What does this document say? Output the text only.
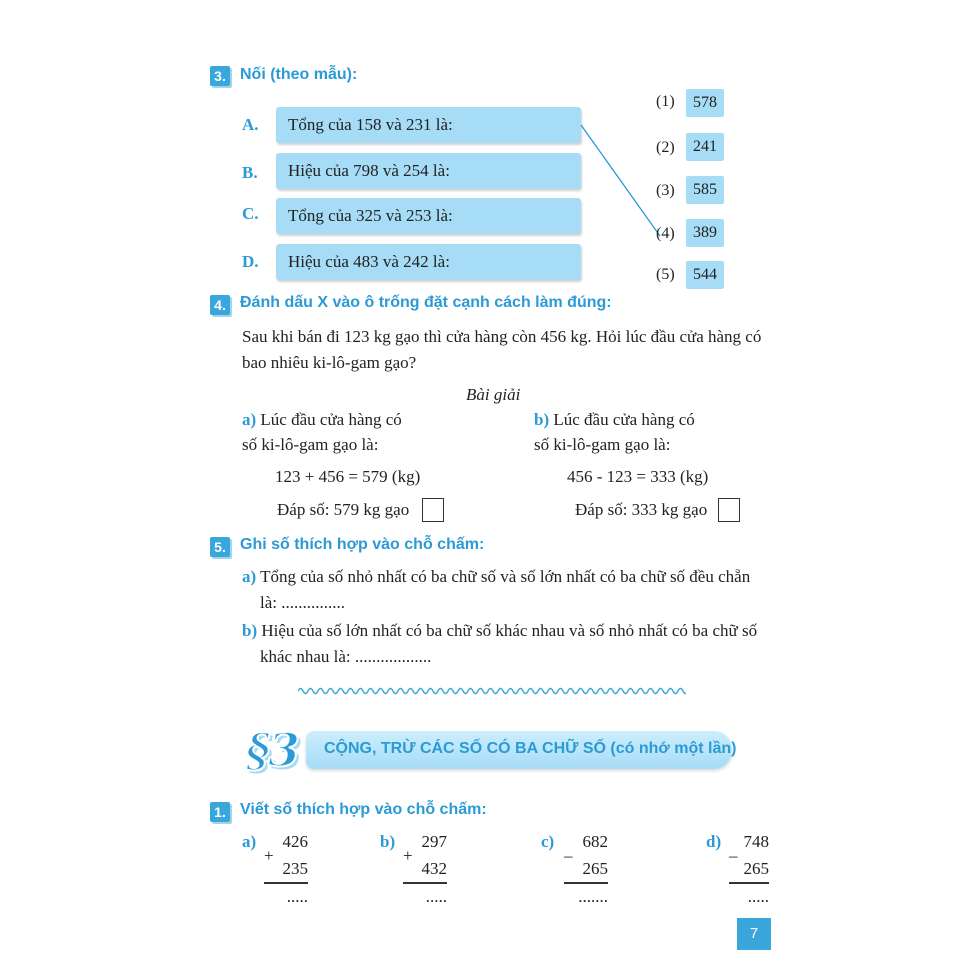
3. Nối (theo mẫu):
A. Tổng của 158 và 231 là:
B. Hiệu của 798 và 254 là:
C. Tổng của 325 và 253 là:
D. Hiệu của 483 và 242 là:
(1)	578
(2)	241
(3)	585
(4)	389
(5)	544
4. Đánh dấu X vào ô trống đặt cạnh cách làm đúng:
Sau khi bán đi 123 kg gạo thì cửa hàng còn 456 kg. Hỏi lúc đầu cửa hàng có
bao nhiêu ki-lô-gam gạo?
Bài giải
a) Lúc đầu cửa hàng có
số ki-lô-gam gạo là:
123 + 456 = 579 (kg)
Đáp số: 579 kg gạo
b) Lúc đầu cửa hàng có
số ki-lô-gam gạo là:
456 - 123 = 333 (kg)
Đáp số: 333 kg gạo
5. Ghi số thích hợp vào chỗ chấm:
a) Tổng của số nhỏ nhất có ba chữ số và số lớn nhất có ba chữ số đều chẵn
là: ...............
b) Hiệu của số lớn nhất có ba chữ số khác nhau và số nhỏ nhất có ba chữ số
khác nhau là: ..................
CỘNG, TRỪ CÁC SỐ CÓ BA CHỮ SỐ (có nhớ một lần)
§3
1. Viết số thích hợp vào chỗ chấm:
a) 426
+
235
.....
b) 297
+
432
.....
c) 682
–
265
.......
d) 748
–
265
.....
7
